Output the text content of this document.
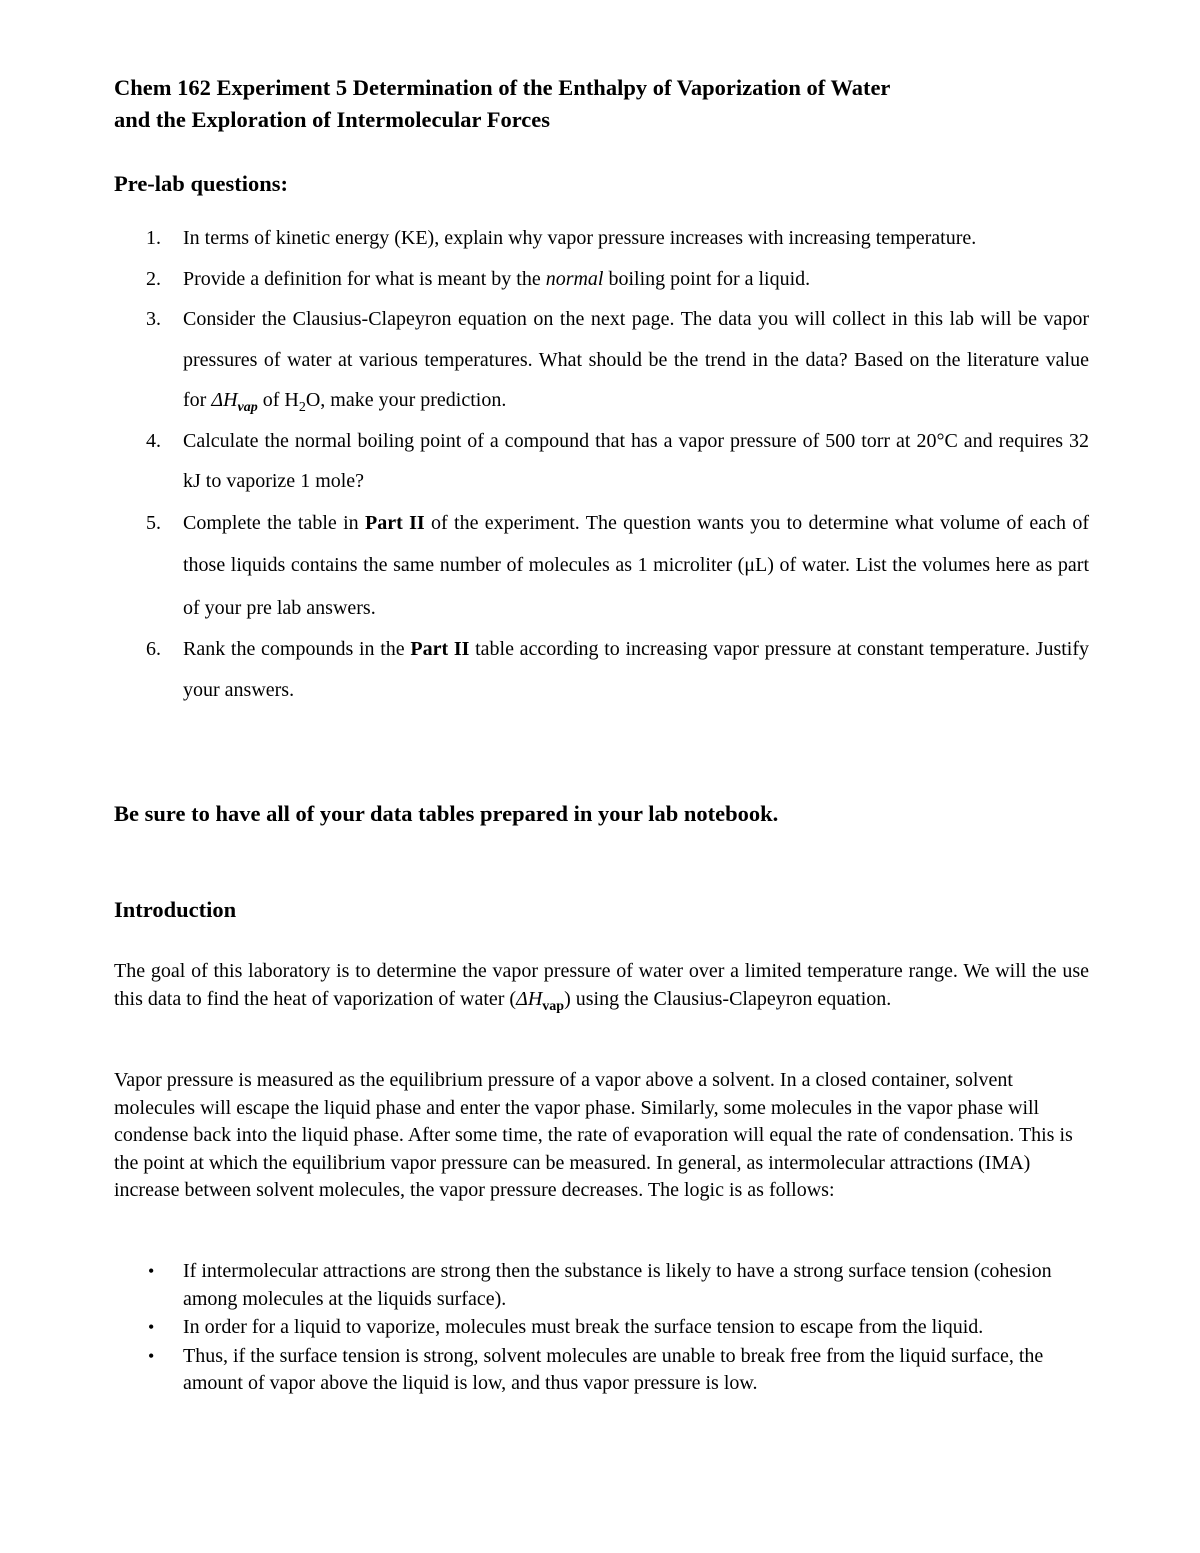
Chem 162 Experiment 5 Determination of the Enthalpy of Vaporization of Water
and the Exploration of Intermolecular Forces
Pre-lab questions:
1. In terms of kinetic energy (KE), explain why vapor pressure increases with increasing temperature.
2. Provide a definition for what is meant by the normal boiling point for a liquid.
3. Consider the Clausius-Clapeyron equation on the next page. The data you will collect in this lab will be vapor pressures of water at various temperatures. What should be the trend in the data? Based on the literature value for $\Delta H_{vap}$ of $H_2O$, make your prediction.
4. Calculate the normal boiling point of a compound that has a vapor pressure of 500 torr at 20°C and requires 32 kJ to vaporize 1 mole?
5. Complete the table in Part II of the experiment. The question wants you to determine what volume of each of those liquids contains the same number of molecules as 1 microliter (μL) of water. List the volumes here as part of your pre lab answers.
6. Rank the compounds in the Part II table according to increasing vapor pressure at constant temperature. Justify your answers.

Be sure to have all of your data tables prepared in your lab notebook.

Introduction

The goal of this laboratory is to determine the vapor pressure of water over a limited temperature range. We will the use this data to find the heat of vaporization of water $(\Delta H_{vap})$ using the Clausius-Clapeyron equation.

Vapor pressure is measured as the equilibrium pressure of a vapor above a solvent. In a closed container, solvent molecules will escape the liquid phase and enter the vapor phase. Similarly, some molecules in the vapor phase will condense back into the liquid phase. After some time, the rate of evaporation will equal the rate of condensation. This is the point at which the equilibrium vapor pressure can be measured. In general, as intermolecular attractions (IMA) increase between solvent molecules, the vapor pressure decreases. The logic is as follows:

• If intermolecular attractions are strong then the substance is likely to have a strong surface tension (cohesion among molecules at the liquids surface).
• In order for a liquid to vaporize, molecules must break the surface tension to escape from the liquid.
• Thus, if the surface tension is strong, solvent molecules are unable to break free from the liquid surface, the amount of vapor above the liquid is low, and thus vapor pressure is low.
